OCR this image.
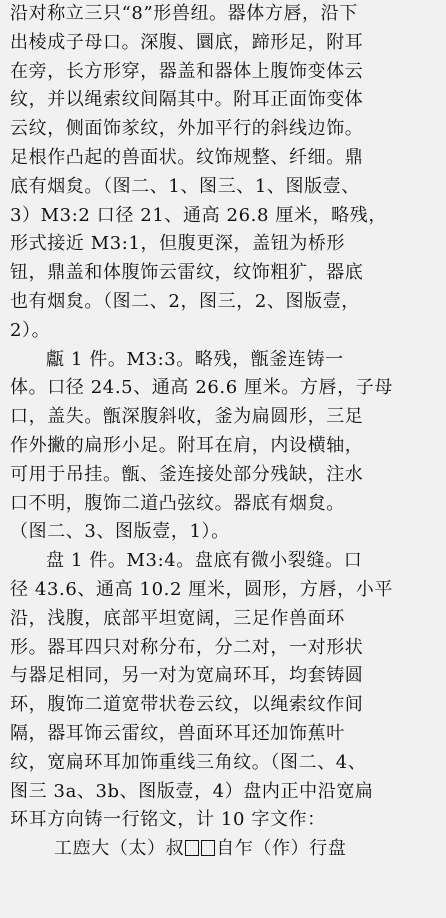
沿对称立三只“8”形兽纽。器体方唇，沿下
出棱成子母口。深腹、圜底，蹄形足，附耳
在旁，长方形穿，器盖和器体上腹饰变体云
纹，并以绳索纹间隔其中。附耳正面饰变体
云纹，侧面饰㒸纹，外加平行的斜线边饰。
足根作凸起的兽面状。纹饰规整、纤细。鼎
底有烟炱。（图二、1、图三、1、图版壹、
3）M3:2 口径 21、通高 26.8 厘米，略残，
形式接近 M3:1，但腹更深，盖钮为桥形
钮，鼎盖和体腹饰云雷纹，纹饰粗犷，器底
也有烟炱。（图二、2，图三，2、图版壹，
2）。
甗 1 件。M3:3。略残，甑釜连铸一
体。口径 24.5、通高 26.6 厘米。方唇，子母
口，盖失。甑深腹斜收，釜为扁圆形，三足
作外撇的扁形小足。附耳在肩，内设横轴，
可用于吊挂。甑、釜连接处部分残缺，注水
口不明，腹饰二道凸弦纹。器底有烟炱。
（图二、3、图版壹，1）。
盘 1 件。M3:4。盘底有微小裂缝。口
径 43.6、通高 10.2 厘米，圆形，方唇，小平
沿，浅腹，底部平坦宽阔，三足作兽面环
形。器耳四只对称分布，分二对，一对形状
与器足相同，另一对为宽扁环耳，均套铸圆
环，腹饰二道宽带状卷云纹，以绳索纹作间
隔，器耳饰云雷纹，兽面环耳还加饰蕉叶
纹，宽扁环耳加饰重线三角纹。（图二、4、
图三 3a、3b、图版壹，4）盘内正中沿宽扁
环耳方向铸一行铭文，计 10 字文作：
工𢉖大（太）叔 自乍（作）行盘
